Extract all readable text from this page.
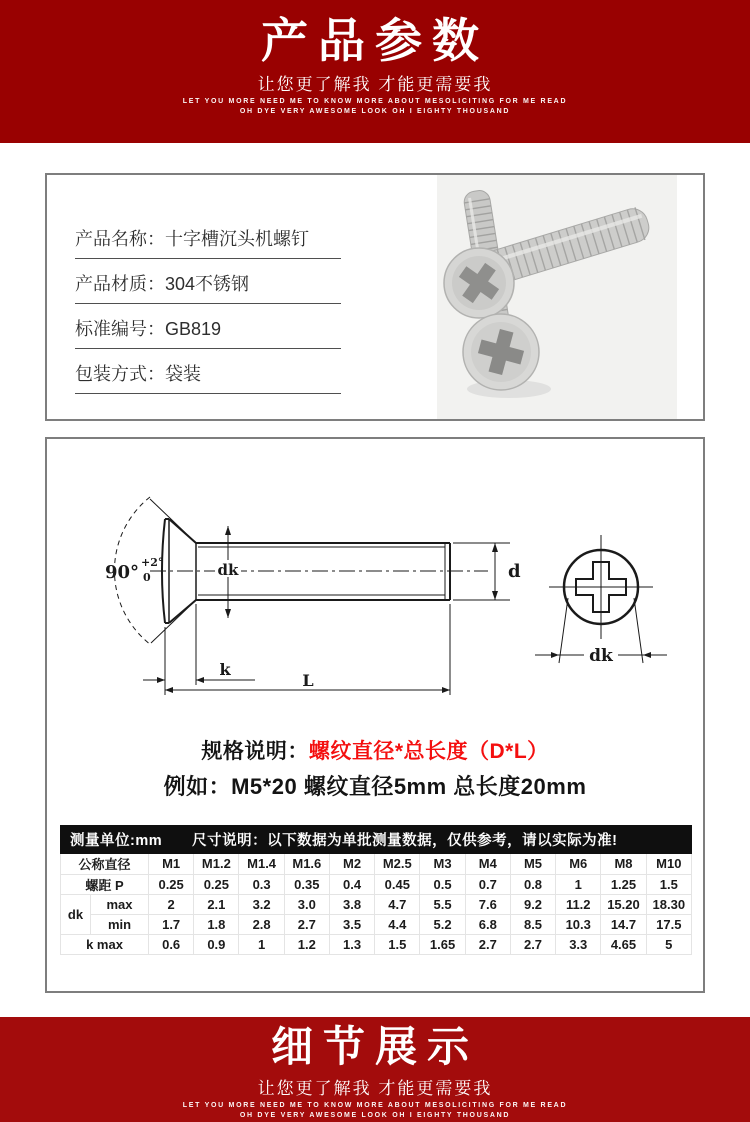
产品参数
让您更了解我 才能更需要我
LET YOU MORE NEED ME TO KNOW MORE ABOUT MESOLICITING FOR ME READ
OH DYE VERY AWESOME LOOK OH I EIGHTY THOUSAND
产品名称：十字槽沉头机螺钉
产品材质：304不锈钢
标准编号：GB819
包装方式：袋装
90° +2°
0	dk
k
L
d
dk
规格说明：螺纹直径*总长度（D*L）
例如：M5*20 螺纹直径5mm 总长度20mm
测量单位:mm 尺寸说明：以下数据为单批测量数据，仅供参考，请以实际为准!
公称直径		M1	M1.2	M1.4	M1.6	M2	M2.5	M3	M4	M5	M6	M8	M10
螺距 P		0.25	0.25	0.3	0.35	0.4	0.45	0.5	0.7	0.8	1	1.25	1.5
dk	max	2	2.1	3.2	3.0	3.8	4.7	5.5	7.6	9.2	11.2	15.20	18.30
	min	1.7	1.8	2.8	2.7	3.5	4.4	5.2	6.8	8.5	10.3	14.7	17.5
k max		0.6	0.9	1	1.2	1.3	1.5	1.65	2.7	2.7	3.3	4.65	5
细节展示
让您更了解我 才能更需要我
LET YOU MORE NEED ME TO KNOW MORE ABOUT MESOLICITING FOR ME READ
OH DYE VERY AWESOME LOOK OH I EIGHTY THOUSAND
